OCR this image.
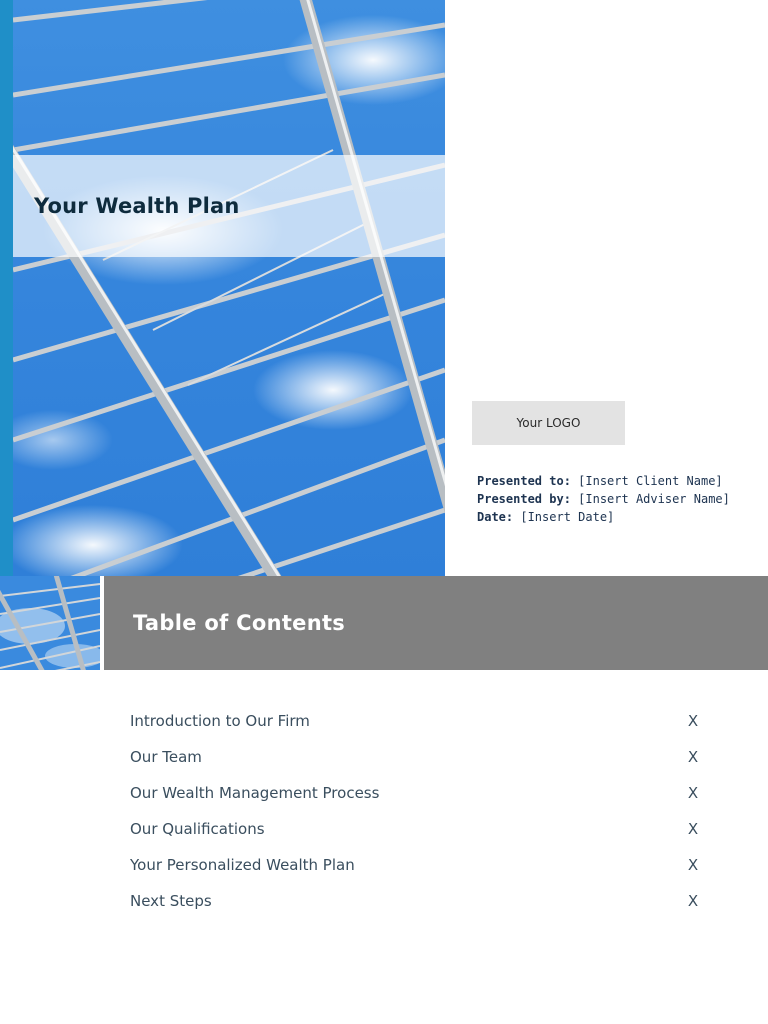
Your Wealth Plan
Your LOGO
Presented to: [Insert Client Name]
Presented by: [Insert Adviser Name]
Date: [Insert Date]
Table of Contents
Introduction to Our Firm	X
Our Team	X
Our Wealth Management Process	X
Our Qualifications	X
Your Personalized Wealth Plan	X
Next Steps	X
